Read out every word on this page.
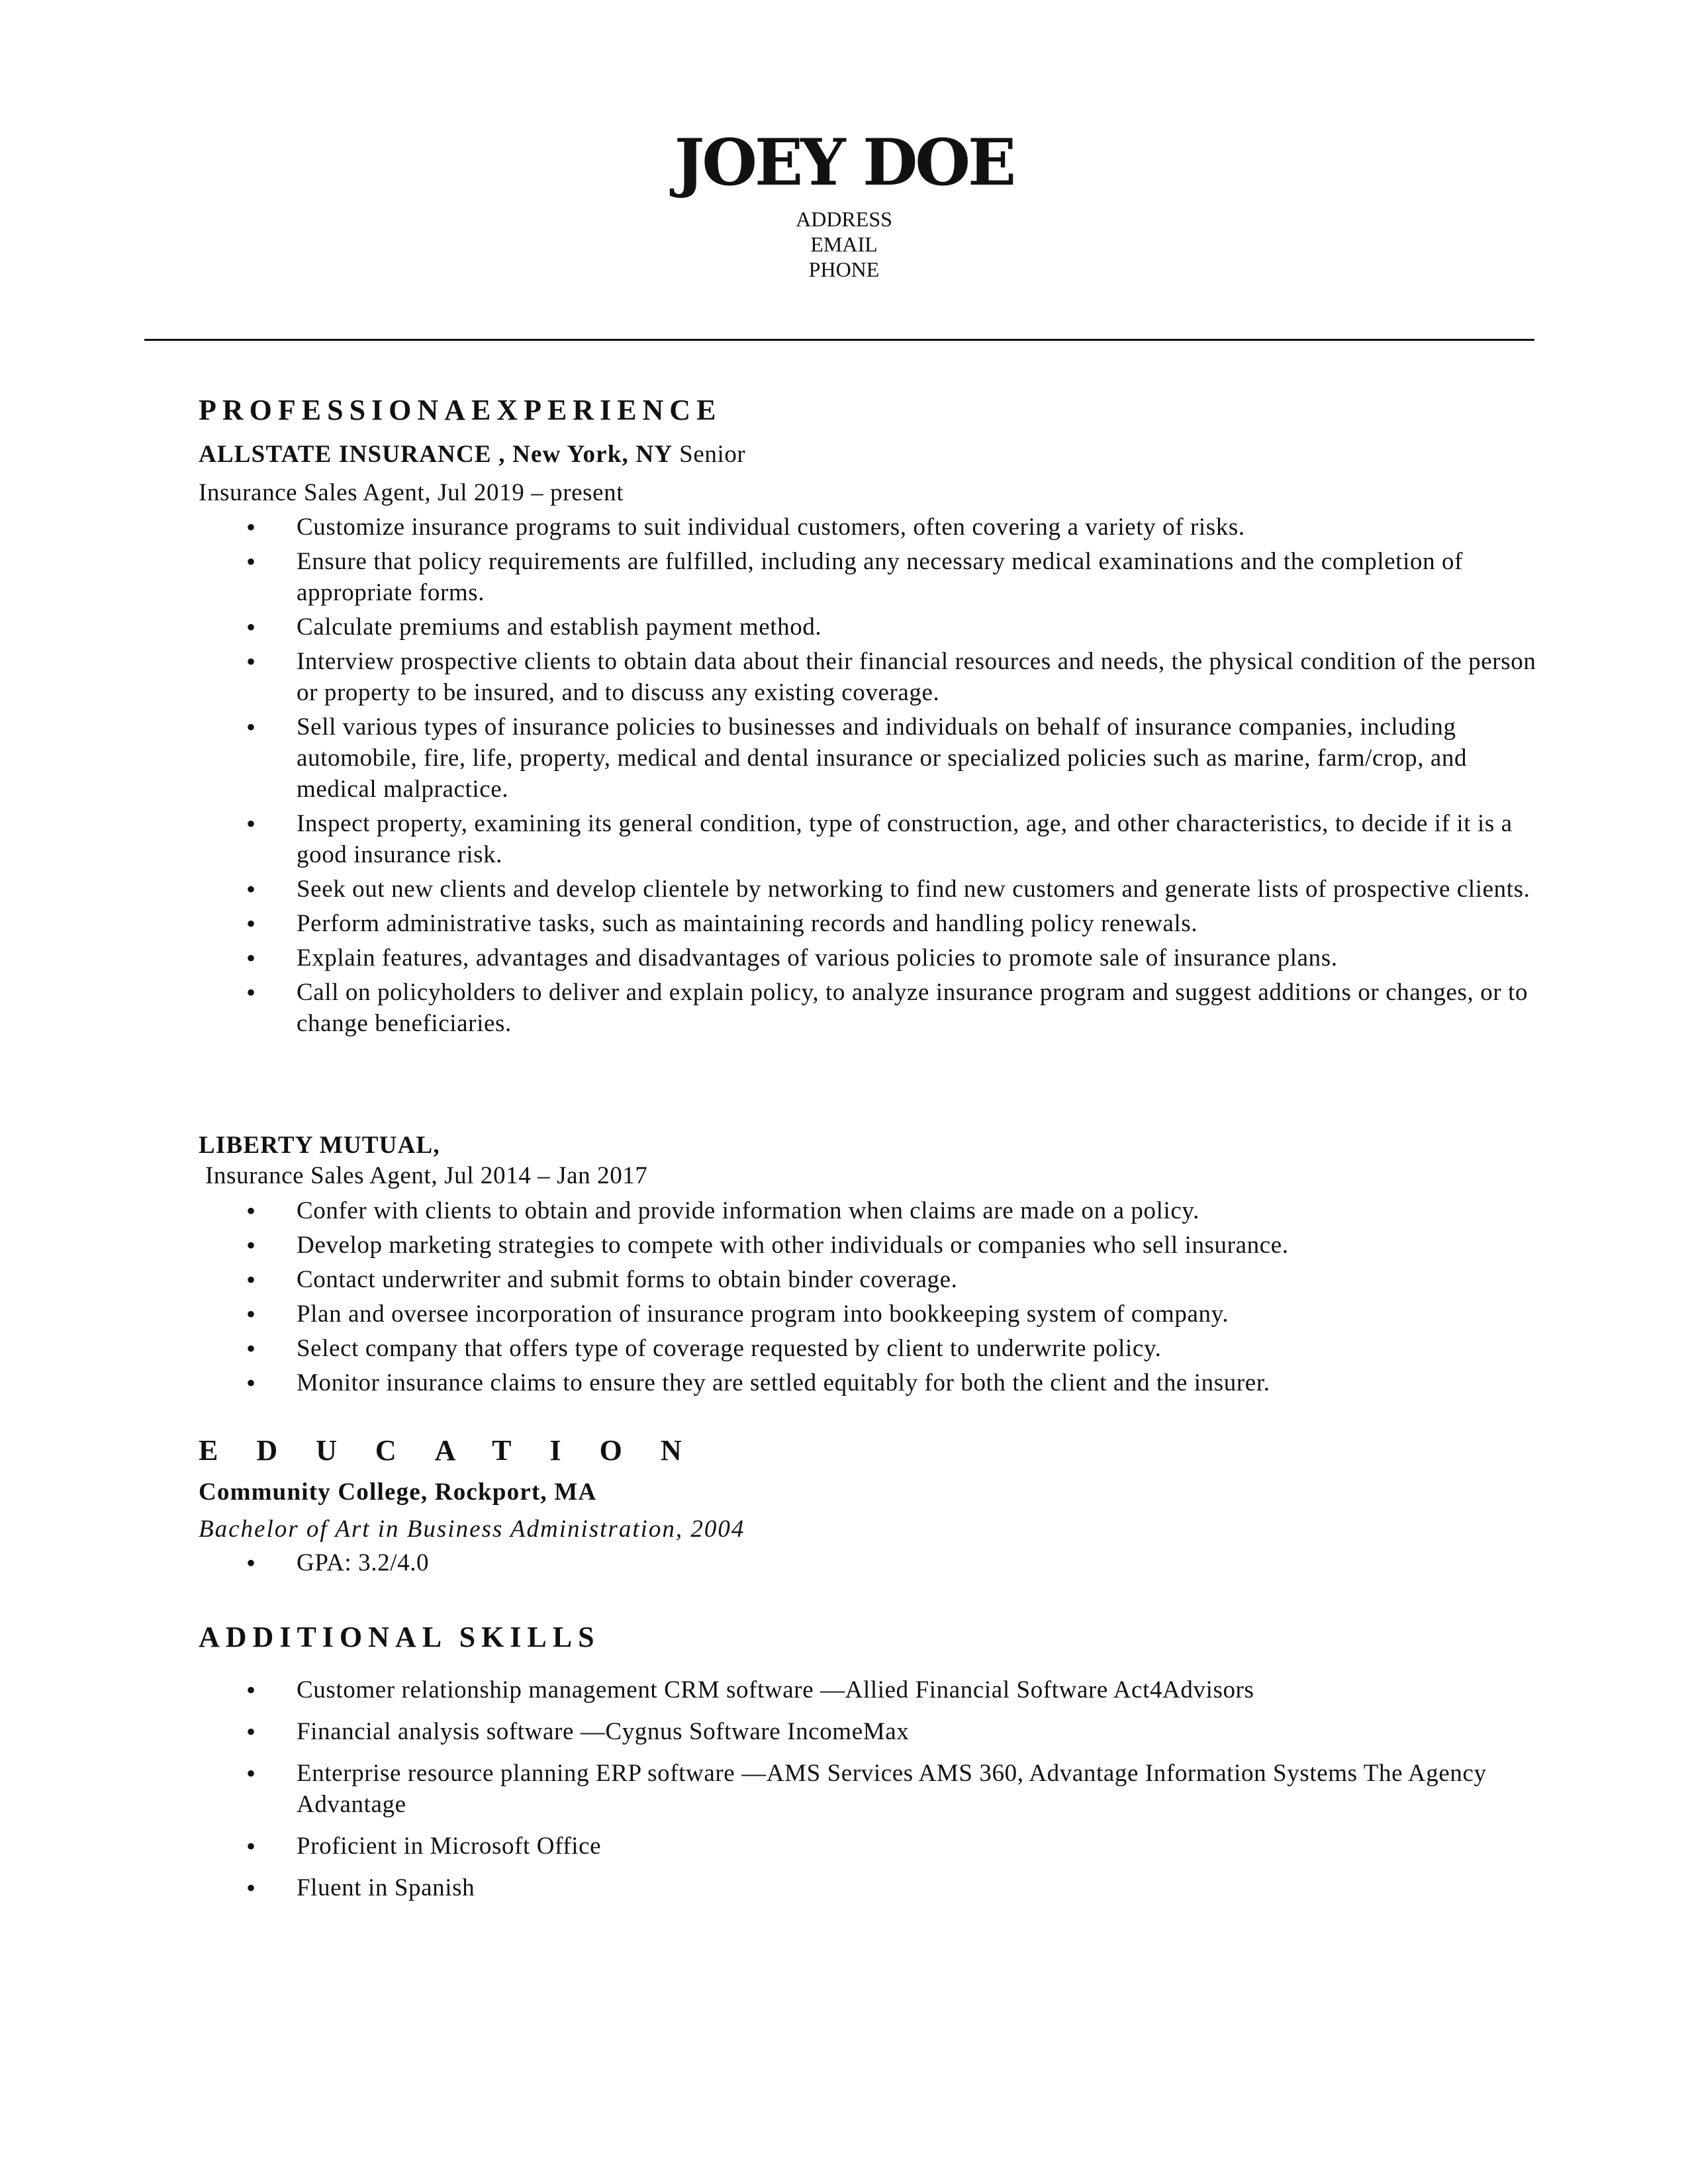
JOEY DOE
ADDRESS
EMAIL
PHONE
PROFESSIONAEXPERIENCE
ALLSTATE INSURANCE , New York, NY Senior
Insurance Sales Agent, Jul 2019 – present
• Customize insurance programs to suit individual customers, often covering a variety of risks.
• Ensure that policy requirements are fulfilled, including any necessary medical examinations and the completion of appropriate forms.
• Calculate premiums and establish payment method.
• Interview prospective clients to obtain data about their financial resources and needs, the physical condition of the person or property to be insured, and to discuss any existing coverage.
• Sell various types of insurance policies to businesses and individuals on behalf of insurance companies, including automobile, fire, life, property, medical and dental insurance or specialized policies such as marine, farm/crop, and medical malpractice.
• Inspect property, examining its general condition, type of construction, age, and other characteristics, to decide if it is a good insurance risk.
• Seek out new clients and develop clientele by networking to find new customers and generate lists of prospective clients.
• Perform administrative tasks, such as maintaining records and handling policy renewals.
• Explain features, advantages and disadvantages of various policies to promote sale of insurance plans.
• Call on policyholders to deliver and explain policy, to analyze insurance program and suggest additions or changes, or to change beneficiaries.
LIBERTY MUTUAL,
Insurance Sales Agent, Jul 2014 – Jan 2017
• Confer with clients to obtain and provide information when claims are made on a policy.
• Develop marketing strategies to compete with other individuals or companies who sell insurance.
• Contact underwriter and submit forms to obtain binder coverage.
• Plan and oversee incorporation of insurance program into bookkeeping system of company.
• Select company that offers type of coverage requested by client to underwrite policy.
• Monitor insurance claims to ensure they are settled equitably for both the client and the insurer.
EDUCATION
Community College, Rockport, MA
Bachelor of Art in Business Administration, 2004
• GPA: 3.2/4.0
ADDITIONAL SKILLS
• Customer relationship management CRM software —Allied Financial Software Act4Advisors
• Financial analysis software —Cygnus Software IncomeMax
• Enterprise resource planning ERP software —AMS Services AMS 360, Advantage Information Systems The Agency Advantage
• Proficient in Microsoft Office
• Fluent in Spanish
